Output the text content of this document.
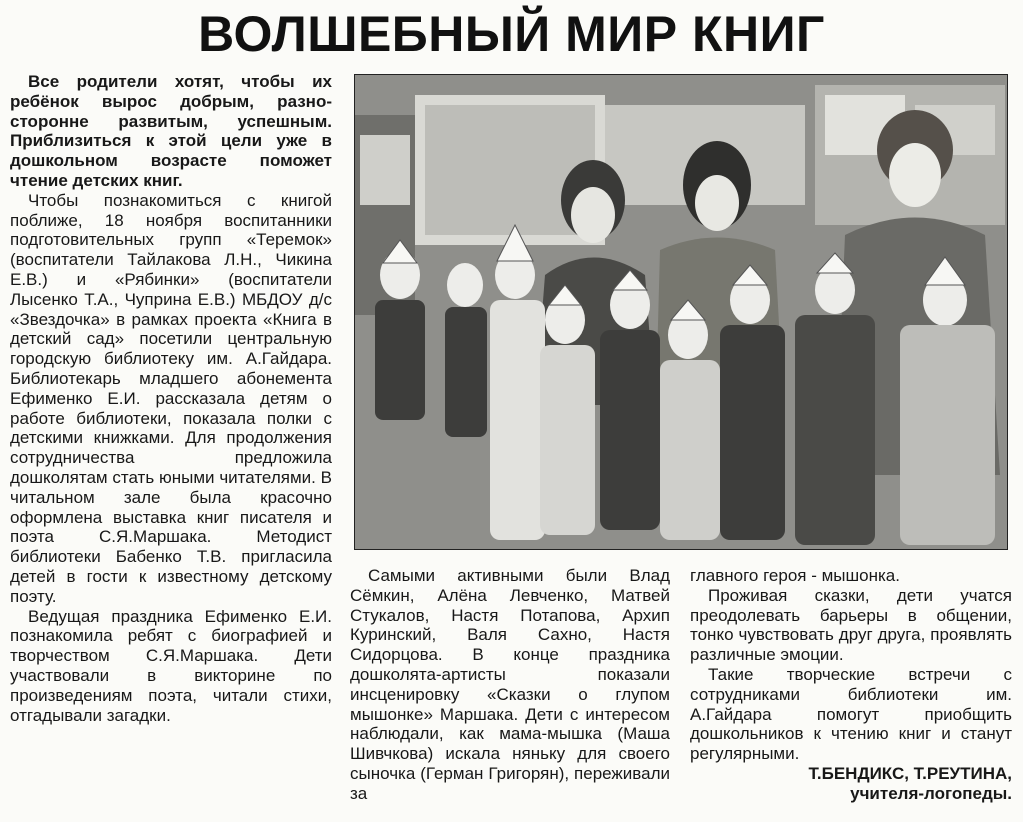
ВОЛШЕБНЫЙ МИР КНИГ

Все родители хотят, чтобы их ребёнок вырос добрым, разно-сторонне развитым, успешным. Приблизиться к этой цели уже в дошкольном возрасте поможет чтение детских книг.

Чтобы познакомиться с книгой поближе, 18 ноября воспитанники подготовительных групп «Теремок» (воспитатели Тайлакова Л.Н., Чикина Е.В.) и «Рябинки» (воспитатели Лысенко Т.А., Чуприна Е.В.) МБДОУ д/с «Звездочка» в рамках проекта «Книга в детский сад» посетили центральную городскую библиотеку им. А.Гайдара. Библиотекарь младшего абонемента Ефименко Е.И. рассказала детям о работе библиотеки, показала полки с детскими книжками. Для продолжения сотрудничества предложила дошколятам стать юными читателями. В читальном зале была красочно оформлена выставка книг писателя и поэта С.Я.Маршака. Методист библиотеки Бабенко Т.В. пригласила детей в гости к известному детскому поэту.

Ведущая праздника Ефименко Е.И. познакомила ребят с биографией и творчеством С.Я.Маршака. Дети участвовали в викторине по произведениям поэта, читали стихи, отгадывали загадки.

Самыми активными были Влад Сёмкин, Алёна Левченко, Матвей Стукалов, Настя Потапова, Архип Куринский, Валя Сахно, Настя Сидорцова. В конце праздника дошколята-артисты показали инсценировку «Сказки о глупом мышонке» Маршака. Дети с интересом наблюдали, как мама-мышка (Маша Шивчкова) искала няньку для своего сыночка (Герман Григорян), переживали за

главного героя - мышонка.

Проживая сказки, дети учатся преодолевать барьеры в общении, тонко чувствовать друг друга, проявлять различные эмоции.

Такие творческие встречи с сотрудниками библиотеки им. А.Гайдара помогут приобщить дошкольников к чтению книг и станут регулярными.

Т.БЕНДИКС, Т.РЕУТИНА,

учителя-логопеды.
